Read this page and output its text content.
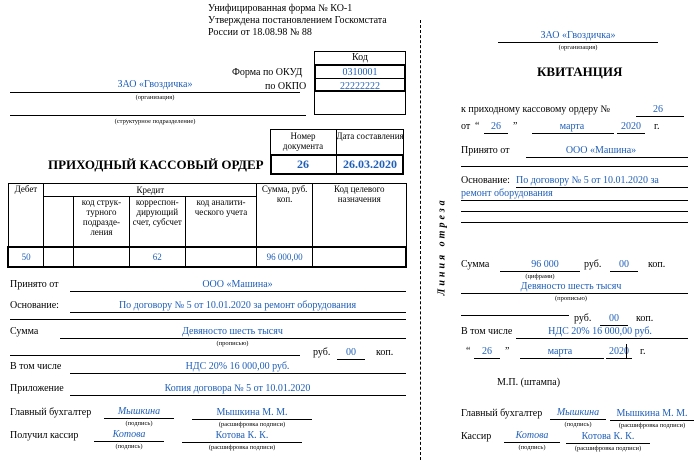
Унифицированная форма № КО-1
Утверждена постановлением Госкомстата
России от 18.08.98 № 88
Код
0310001
22222222
Форма по ОКУД
по ОКПО
ЗАО «Гвоздичка»
(организация)
(структурное подразделение)
Номер документа
Дата составления
26	26.03.2020
ПРИХОДНЫЙ КАССОВЫЙ ОРДЕР
Дебет	Кредит				Сумма, руб. коп.	Код целевого назначения
		код струк-турного подразде-ления	корреспон-дирующий счет, субсчет	код аналити-ческого учета		
50			62		96 000,00	
Принято от	ООО «Машина»
Основание:	По договору № 5 от 10.01.2020 за ремонт оборудования
Сумма	Девяносто шесть тысяч
(прописью)
руб.	00	коп.
В том числе	НДС 20% 16 000,00 руб.
Приложение	Копия договора № 5 от 10.01.2020
Главный бухгалтер	Мышкина
(подпись)
Мышкина М. М.
(расшифровка подписи)
Получил кассир	Котова
(подпись)
Котова К. К.
(расшифровка подписи)
Линия отреза
ЗАО «Гвоздичка»
(организация)
КВИТАНЦИЯ
к приходному кассовому ордеру №	26
от “	26	”	марта	2020	г.
Принято от	ООО «Машина»
Основание: По договору № 5 от 10.01.2020 за
ремонт оборудования
Сумма	96 000
(цифрами)
руб.	00	коп.
Девяносто шесть тысяч
(прописью)
руб.	00	коп.
В том числе	НДС 20% 16 000,00 руб.
“	26	”	марта	2020	г.
М.П. (штампа)
Главный бухгалтер	Мышкина
(подпись)
Мышкина М. М.
(расшифровка подписи)
Кассир	Котова
(подпись)
Котова К. К.
(расшифровка подписи)
